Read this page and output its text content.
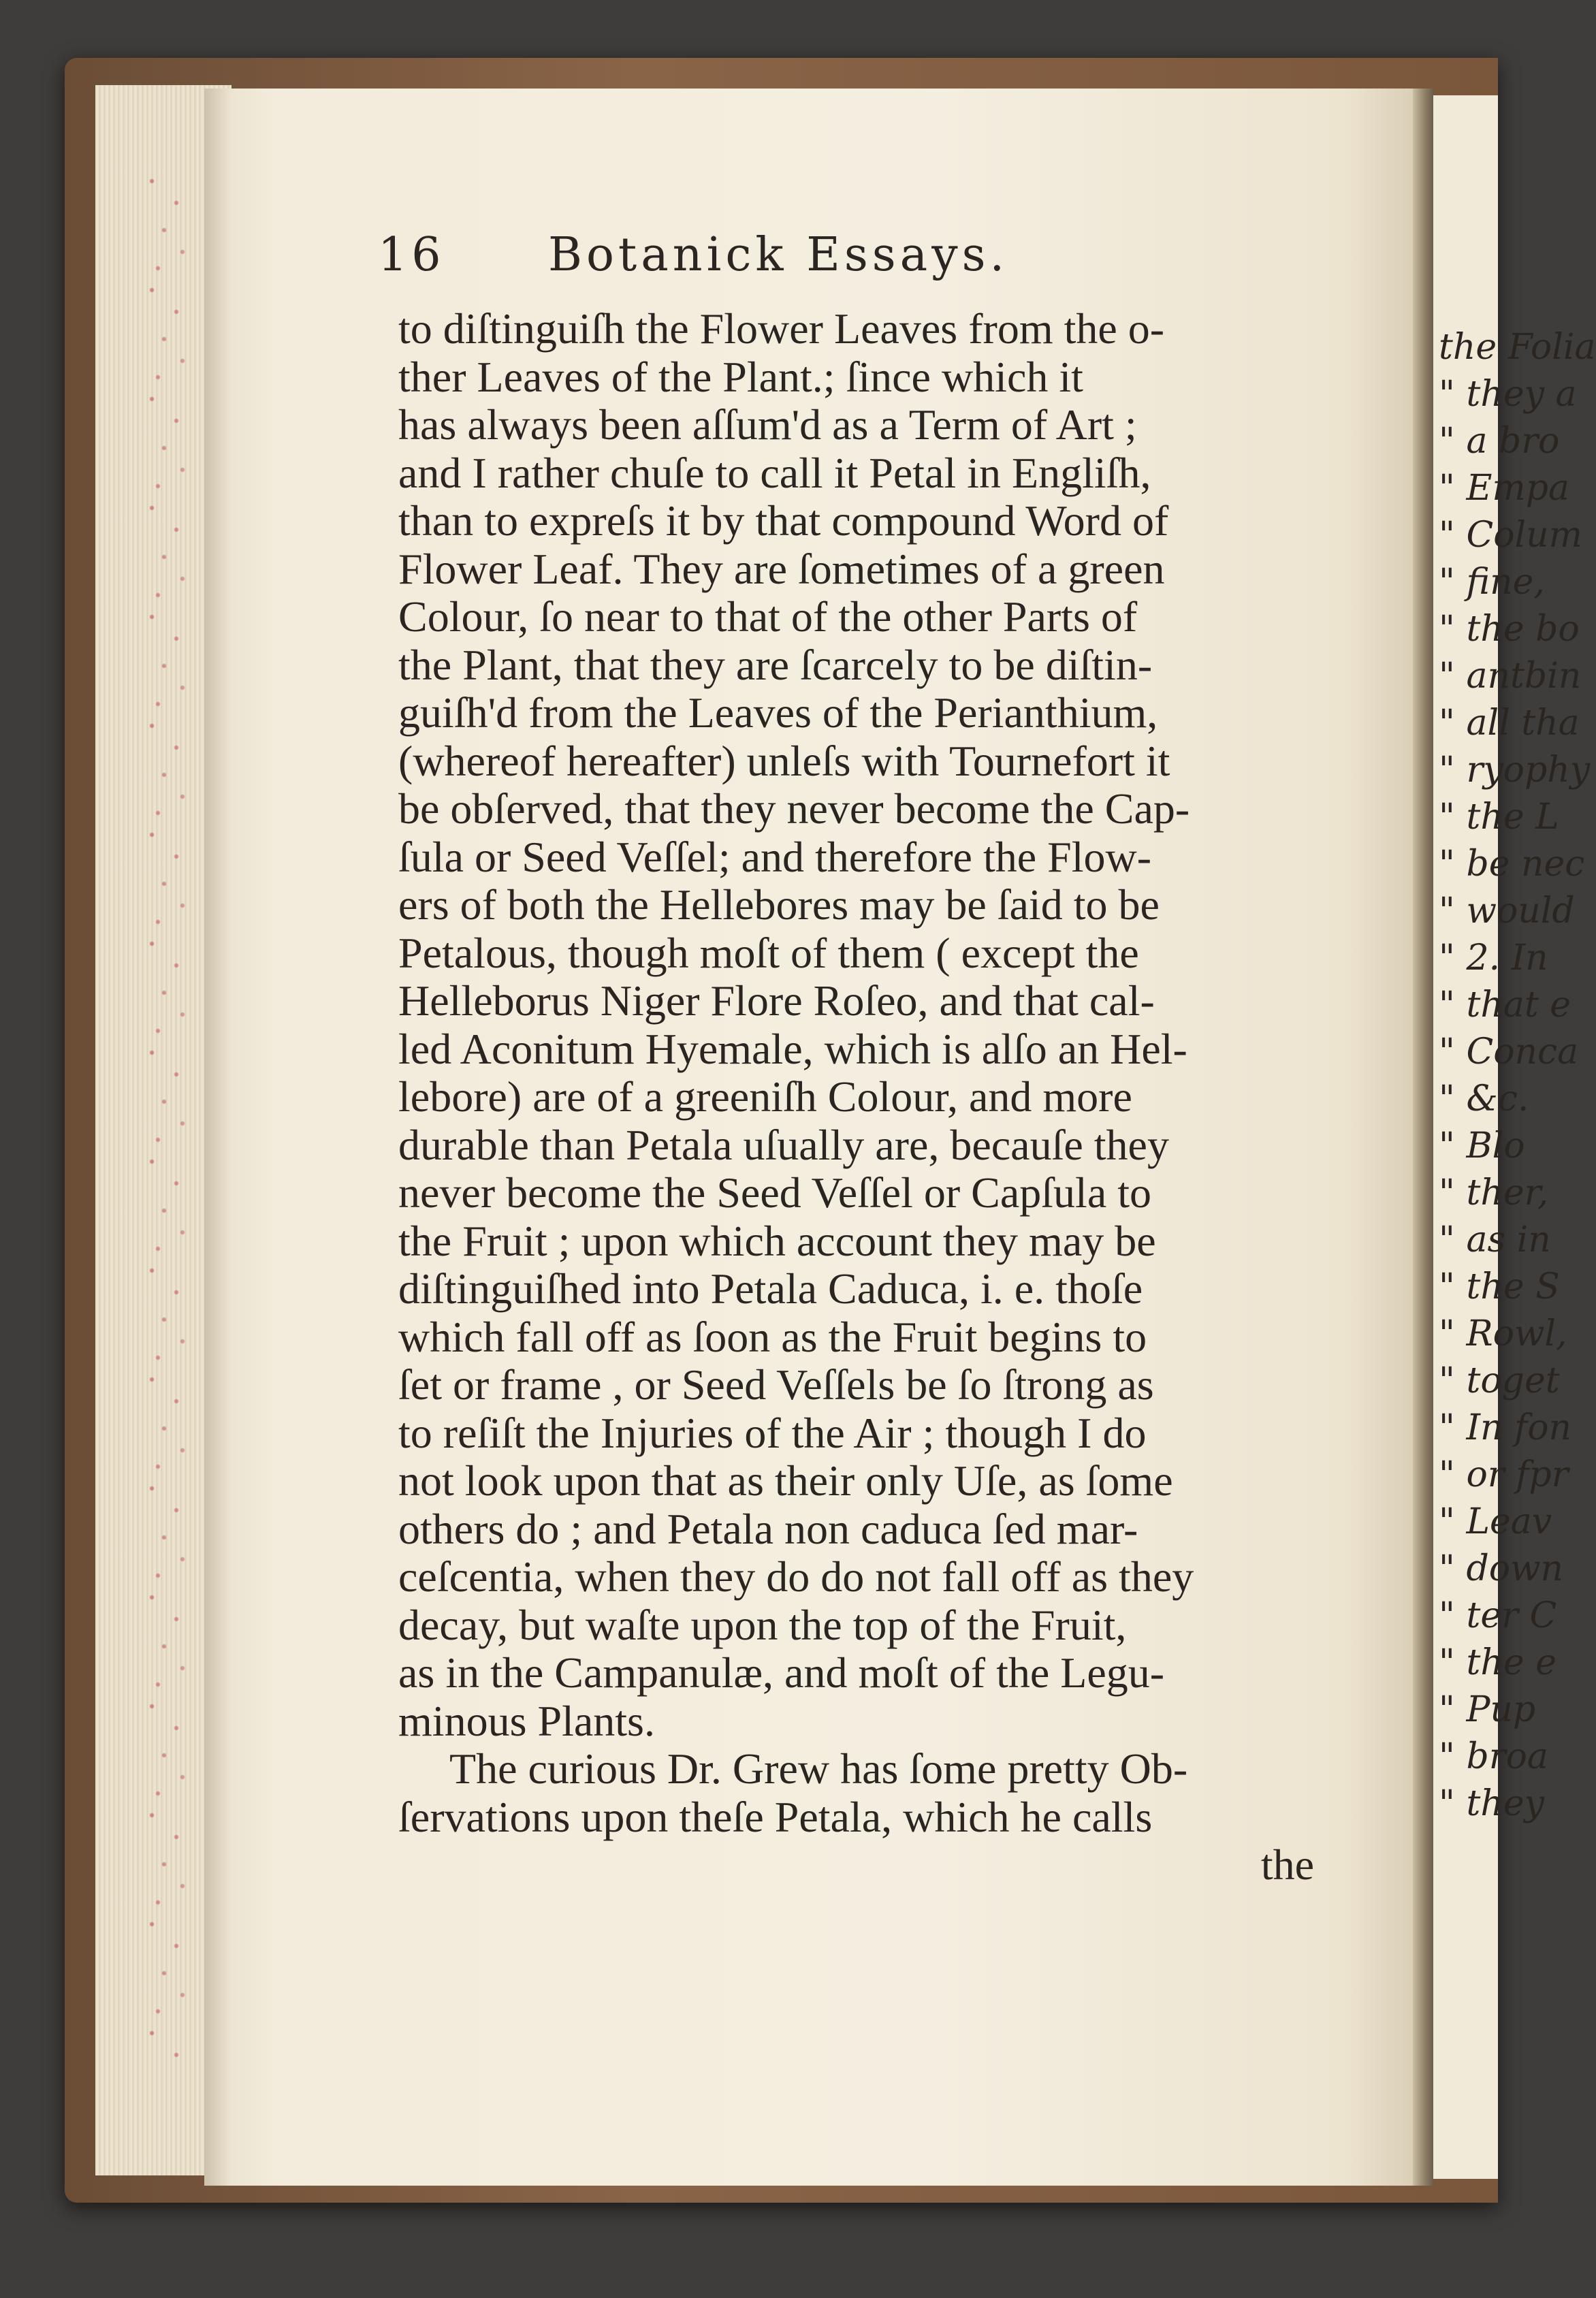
the Folia
" they a
" a bro
" Empa
" Colum
" fine,
" the bo
" antbin
" all tha
" ryophy
" the L
" be nec
" would
" 2. In
" that e
" Conca
" &c.
" Blo
" ther,
" as in
" the S
" Rowl,
" toget
" In fon
" or fpr
" Leav
" down
" ter C
" the e
" Pup
" broa
" they
16 Botanick Essays.
to diſtinguiſh the Flower Leaves from the o-
ther Leaves of the Plant.; ſince which it
has always been aſſum'd as a Term of Art ;
and I rather chuſe to call it Petal in Engliſh,
than to expreſs it by that compound Word of
Flower Leaf. They are ſometimes of a green
Colour, ſo near to that of the other Parts of
the Plant, that they are ſcarcely to be diſtin-
guiſh'd from the Leaves of the Perianthium,
(whereof hereafter) unleſs with Tournefort it
be obſerved, that they never become the Cap-
ſula or Seed Veſſel; and therefore the Flow-
ers of both the Hellebores may be ſaid to be
Petalous, though moſt of them ( except the
Helleborus Niger Flore Roſeo, and that cal-
led Aconitum Hyemale, which is alſo an Hel-
lebore) are of a greeniſh Colour, and more
durable than Petala uſually are, becauſe they
never become the Seed Veſſel or Capſula to
the Fruit ; upon which account they may be
diſtinguiſhed into Petala Caduca, i. e. thoſe
which fall off as ſoon as the Fruit begins to
ſet or frame , or Seed Veſſels be ſo ſtrong as
to reſiſt the Injuries of the Air ; though I do
not look upon that as their only Uſe, as ſome
others do ; and Petala non caduca ſed mar-
ceſcentia, when they do do not fall off as they
decay, but waſte upon the top of the Fruit,
as in the Campanulæ, and moſt of the Legu-
minous Plants.
The curious Dr. Grew has ſome pretty Ob-
ſervations upon theſe Petala, which he calls
the
